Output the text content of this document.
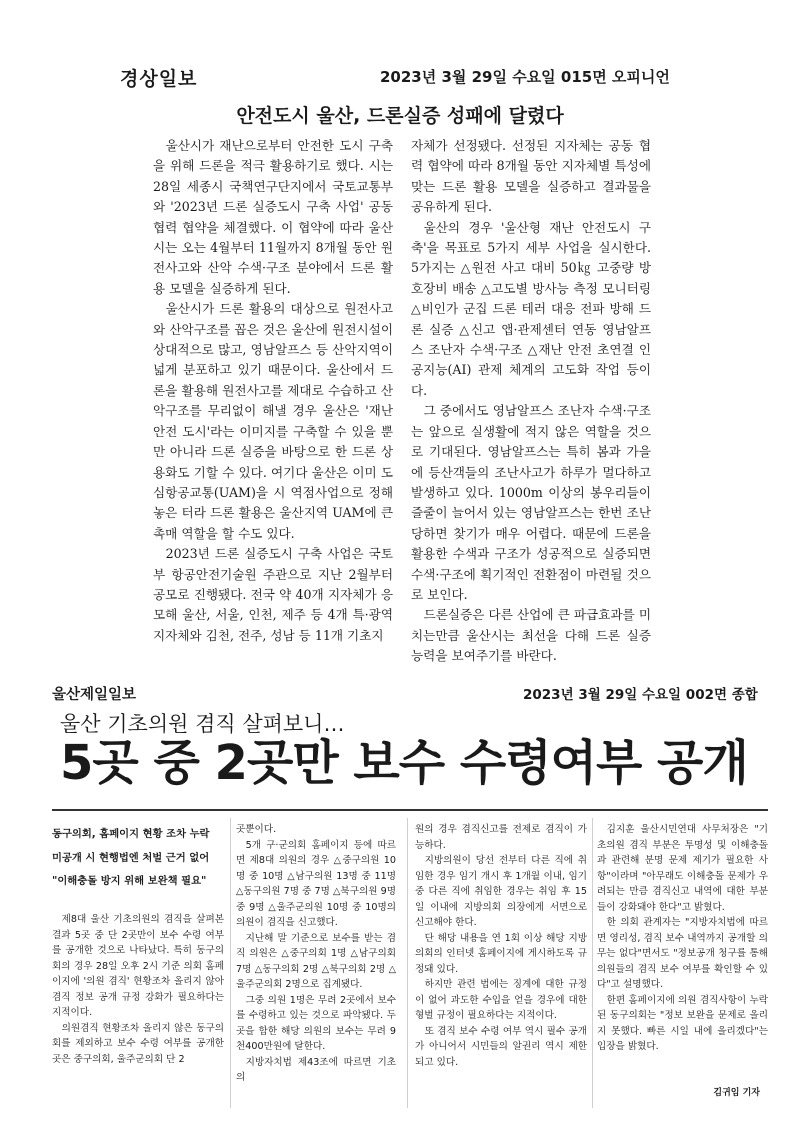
경상일보	2023년 3월 29일 수요일 015면 오피니언
안전도시 울산, 드론실증 성패에 달렸다

울산시가 재난으로부터 안전한 도시 구축을 위해 드론을 적극 활용하기로 했다. 시는 28일 세종시 국책연구단지에서 국토교통부와 '2023년 드론 실증도시 구축 사업' 공동 협력 협약을 체결했다. 이 협약에 따라 울산시는 오는 4월부터 11월까지 8개월 동안 원전사고와 산악 수색·구조 분야에서 드론 활용 모델을 실증하게 된다.

울산시가 드론 활용의 대상으로 원전사고와 산악구조를 꼽은 것은 울산에 원전시설이 상대적으로 많고, 영남알프스 등 산악지역이 넓게 분포하고 있기 때문이다. 울산에서 드론을 활용해 원전사고를 제대로 수습하고 산악구조를 무리없이 해낼 경우 울산은 '재난 안전 도시'라는 이미지를 구축할 수 있을 뿐만 아니라 드론 실증을 바탕으로 한 드론 상용화도 기할 수 있다. 여기다 울산은 이미 도심항공교통(UAM)을 시 역점사업으로 정해놓은 터라 드론 활용은 울산지역 UAM에 큰 촉매 역할을 할 수도 있다.

2023년 드론 실증도시 구축 사업은 국토부 항공안전기술원 주관으로 지난 2월부터 공모로 진행됐다. 전국 약 40개 지자체가 응모해 울산, 서울, 인천, 제주 등 4개 특·광역지자체와 김천, 전주, 성남 등 11개 기초지

자체가 선정됐다. 선정된 지자체는 공동 협력 협약에 따라 8개월 동안 지자체별 특성에 맞는 드론 활용 모델을 실증하고 결과물을 공유하게 된다.

울산의 경우 '울산형 재난 안전도시 구축'을 목표로 5가지 세부 사업을 실시한다. 5가지는 △원전 사고 대비 50㎏ 고중량 방호장비 배송 △고도별 방사능 측정 모니터링 △비인가 군집 드론 테러 대응 전파 방해 드론 실증 △신고 앱·관제센터 연동 영남알프스 조난자 수색·구조 △재난 안전 초연결 인공지능(AI) 관제 체계의 고도화 작업 등이다.

그 중에서도 영남알프스 조난자 수색·구조는 앞으로 실생활에 적지 않은 역할을 것으로 기대된다. 영남알프스는 특히 봄과 가을에 등산객들의 조난사고가 하루가 멀다하고 발생하고 있다. 1000m 이상의 봉우리들이 즐줄이 늘어서 있는 영남알프스는 한번 조난당하면 찾기가 매우 어렵다. 때문에 드론을 활용한 수색과 구조가 성공적으로 실증되면 수색·구조에 획기적인 전환점이 마련될 것으로 보인다.

드론실증은 다른 산업에 큰 파급효과를 미치는만큼 울산시는 최선을 다해 드론 실증 능력을 보여주기를 바란다.

울산제일일보	2023년 3월 29일 수요일 002면 종합
울산 기초의원 겸직 살펴보니…
5곳 중 2곳만 보수 수령여부 공개
동구의회, 홈페이지 현황 조차 누락
미공개 시 현행법엔 처벌 근거 없어
"이해충돌 방지 위해 보완책 필요"

제8대 울산 기초의원의 겸직을 살펴본 결과 5곳 중 단 2곳만이 보수 수령 여부를 공개한 것으로 나타났다. 특히 동구의회의 경우 28일 오후 2시 기준 의회 홈페이지에 '의원 겸직' 현황조차 올리지 않아 겸직 정보 공개 규정 강화가 필요하다는 지적이다.

의원겸직 현황조차 올리지 않은 동구의회를 제외하고 보수 수령 여부를 공개한 곳은 중구의회, 울주군의회 단 2

곳뿐이다.

5개 구·군의회 홈페이지 등에 따르면 제8대 의원의 경우 △중구의원 10명 중 10명 △남구의원 13명 중 11명 △동구의원 7명 중 7명 △북구의원 9명 중 9명 △울주군의원 10명 중 10명의 의원이 겸직을 신고했다.

지난해 말 기준으로 보수를 받는 겸직 의원은 △중구의회 1명 △남구의회 7명 △동구의회 2명 △북구의회 2명 △울주군의회 2명으로 집계됐다.

그중 의원 1명은 무려 2곳에서 보수를 수령하고 있는 것으로 파악됐다. 두 곳을 합한 해당 의원의 보수는 무려 9천400만원에 달한다.

지방자치법 제43조에 따르면 기초의

원의 경우 겸직신고를 전제로 겸직이 가능하다.

지방의원이 당선 전부터 다른 직에 취임한 경우 임기 개시 후 1개월 이내, 임기 중 다른 직에 취임한 경우는 취임 후 15일 이내에 지방의회 의장에게 서면으로 신고해야 한다.

단 해당 내용을 연 1회 이상 해당 지방의회의 인터넷 홈페이지에 게시하도록 규정돼 있다.

하지만 관련 법에는 징계에 대한 규정이 없어 과도한 수입을 얻을 경우에 대한 형벌 규정이 필요하다는 지적이다.

또 겸직 보수 수령 여부 역시 필수 공개가 아니어서 시민들의 알권리 역시 제한되고 있다.

김지훈 울산시민연대 사무처장은 "기초의원 겸직 부분은 투명성 및 이해충돌과 관련해 분명 문제 제기가 필요한 사항"이라며 "아무래도 이해충돌 문제가 우려되는 만큼 겸직신고 내역에 대한 부분들이 강화돼야 한다"고 밝혔다.

한 의회 관계자는 "지방자치법에 따르면 영리성, 겸직 보수 내역까지 공개할 의무는 없다"면서도 "정보공개 청구를 통해 의원들의 겸직 보수 여부를 확인할 수 있다"고 설명했다.

한편 홈페이지에 의원 겸직사항이 누락된 동구의회는 "정보 보완을 문제로 올리지 못했다. 빠른 시일 내에 올리겠다"는 입장을 밝혔다.

김귀임 기자
